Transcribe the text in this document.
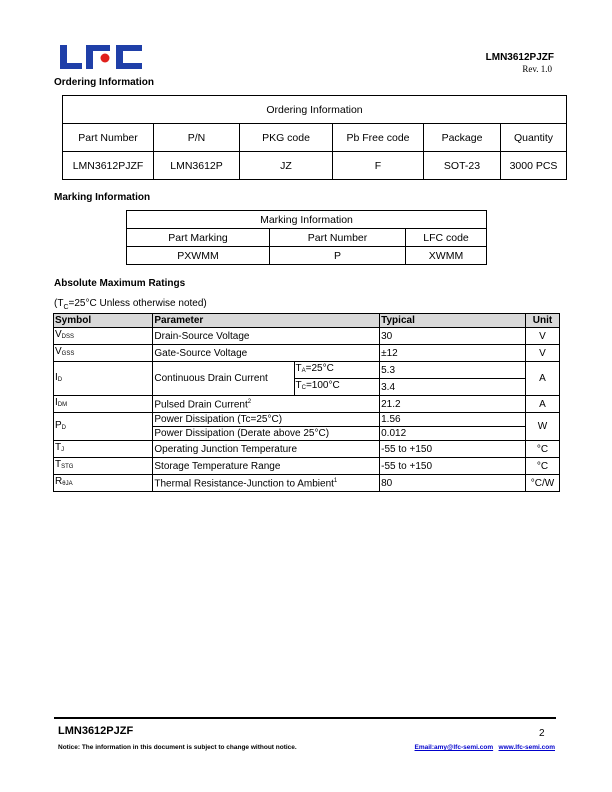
LMN3612PJZF
Rev. 1.0
Ordering Information
Ordering Information					
Part Number	P/N	PKG code	Pb Free code	Package	Quantity
LMN3612PJZF	LMN3612P	JZ	F	SOT-23	3000 PCS
Marking Information
Marking Information		
Part Marking	Part Number	LFC code
PXWMM	P	XWMM
Absolute Maximum Ratings
($T_C=25^\circ C$ Unless otherwise noted)
Symbol	Parameter		Typical	Unit
$V_{DSS}$	Drain-Source Voltage		30	V
$V_{GSS}$	Gate-Source Voltage		±12	V
$I_D$	Continuous Drain Current	$T_A=25^\circ C$	5.3	A
		$T_C=100^\circ C$	3.4	
$I_{DM}$	Pulsed Drain Current$^2$		21.2	A
$P_D$	Power Dissipation (Tc=25°C)		1.56	W
	Power Dissipation (Derate above 25°C)		0.012	
$T_J$	Operating Junction Temperature		-55 to +150	°C
$T_{STG}$	Storage Temperature Range		-55 to +150	°C
$R_{\theta JA}$	Thermal Resistance-Junction to Ambient$^1$		80	°C/W
LMN3612PJZF	2
Notice: The information in this document is subject to change without notice.	Email:amy@lfc-semi.com www.lfc-semi.com
